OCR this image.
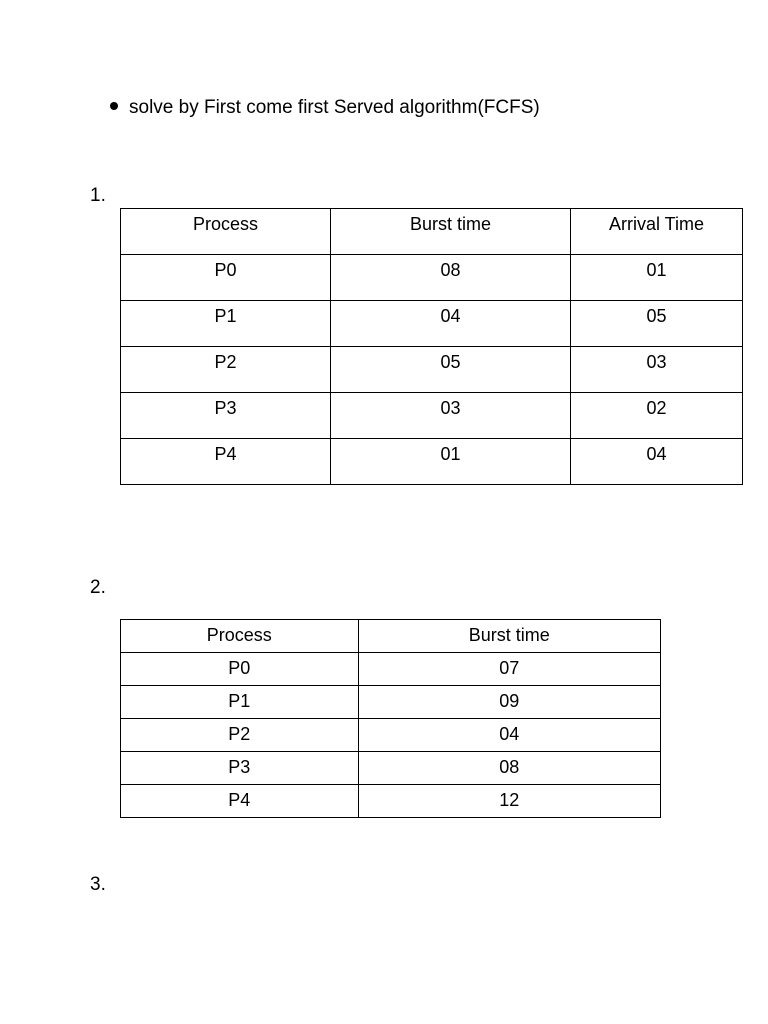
solve by First come first Served algorithm(FCFS)
1.
Process	Burst time	Arrival Time
P0	08	01
P1	04	05
P2	05	03
P3	03	02
P4	01	04
2.
Process	Burst time
P0	07
P1	09
P2	04
P3	08
P4	12
3.
